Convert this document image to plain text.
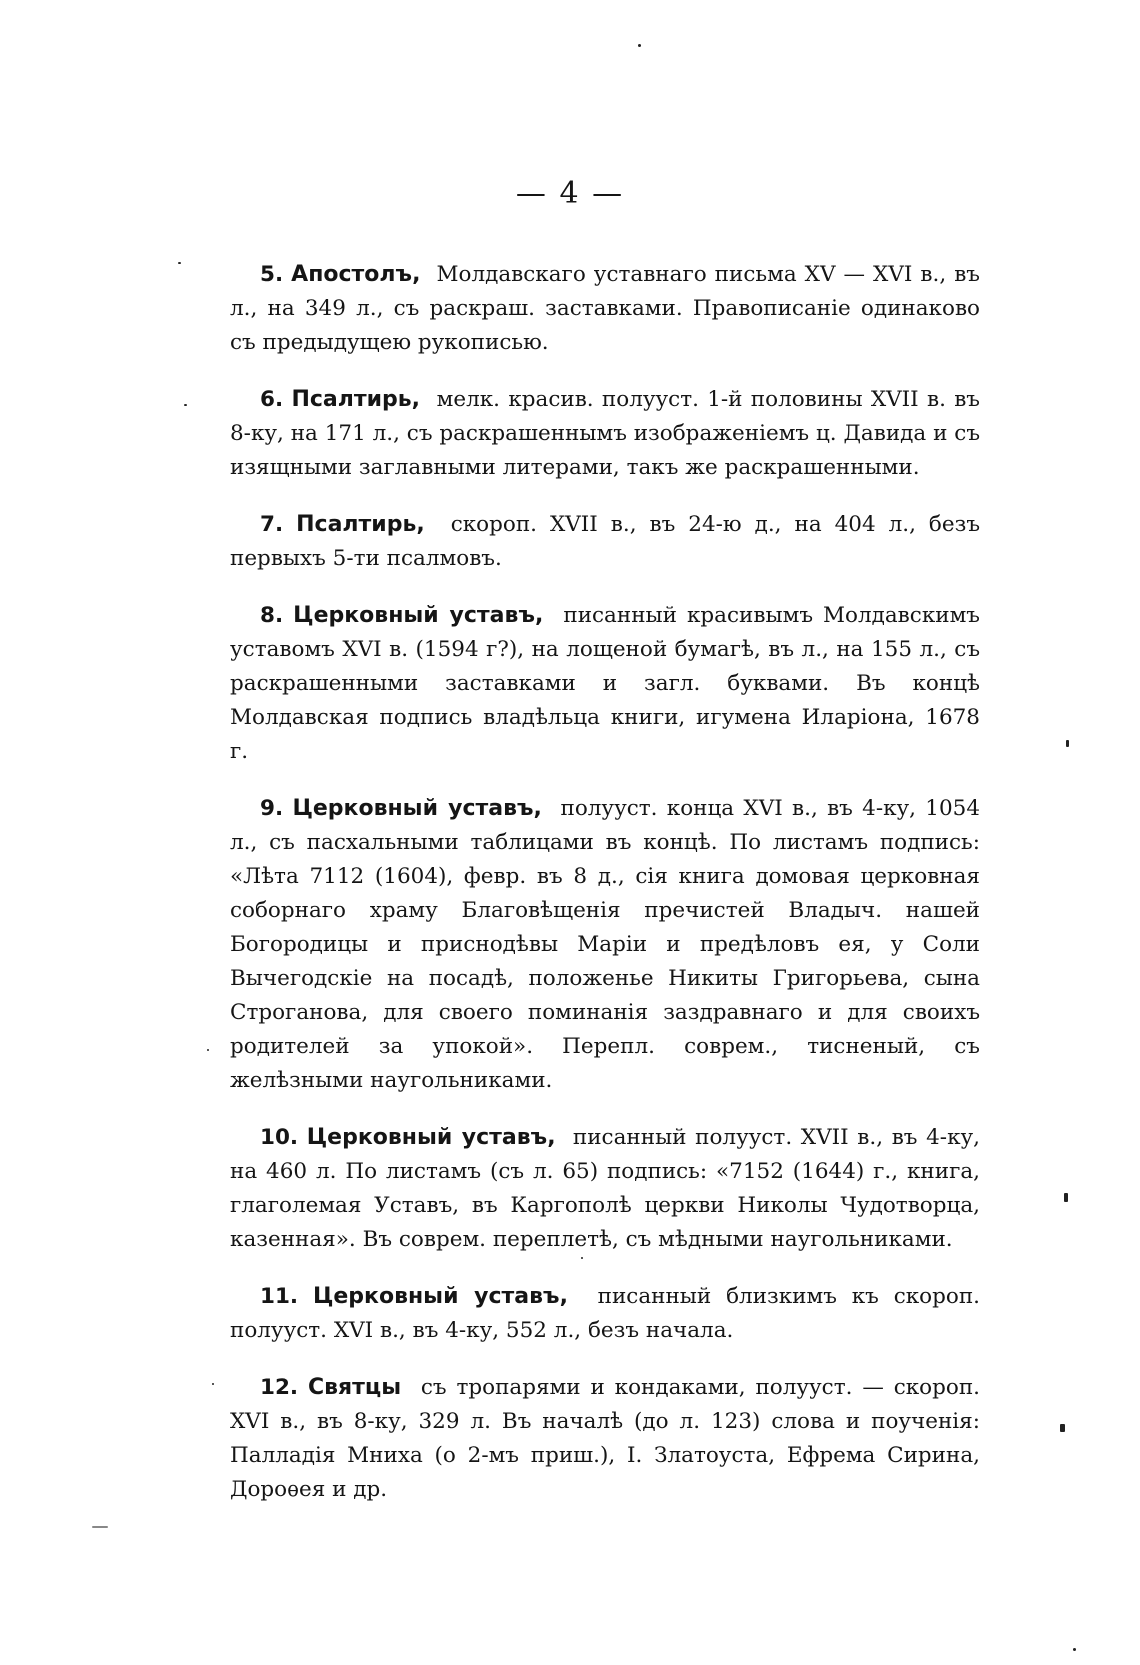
— 4 —

5. Апостолъ, Молдавскаго уставнаго письма XV — XVI в., въ л., на 349 л., съ раскраш. заставками. Правописаніе одинаково съ предыдущею рукописью.

6. Псалтирь, мелк. красив. полууст. 1-й половины XVII в. въ 8-ку, на 171 л., съ раскрашеннымъ изображеніемъ ц. Давида и съ изящными заглавными литерами, такъ же раскрашенными.

7. Псалтирь, скороп. XVII в., въ 24-ю д., на 404 л., безъ первыхъ 5-ти псалмовъ.

8. Церковный уставъ, писанный красивымъ Молдавскимъ уставомъ XVI в. (1594 г?), на лощеной бумагѣ, въ л., на 155 л., съ раскрашенными заставками и загл. буквами. Въ концѣ Молдавская подпись владѣльца книги, игумена Иларіона, 1678 г.

9. Церковный уставъ, полууст. конца XVI в., въ 4-ку, 1054 л., съ пасхальными таблицами въ концѣ. По листамъ подпись: «Лѣта 7112 (1604), февр. въ 8 д., сія книга домовая церковная соборнаго храму Благовѣщенія пречистей Владыч. нашей Богородицы и приснодѣвы Маріи и предѣловъ ея, у Соли Вычегодскіе на посадѣ, положенье Никиты Григорьева, сына Строганова, для своего поминанія заздравнаго и для своихъ родителей за упокой». Перепл. соврем., тисненый, съ желѣзными наугольниками.

10. Церковный уставъ, писанный полууст. XVII в., въ 4-ку, на 460 л. По листамъ (съ л. 65) подпись: «7152 (1644) г., книга, глаголемая Уставъ, въ Каргополѣ церкви Николы Чудотворца, казенная». Въ соврем. переплетѣ, съ мѣдными наугольниками.

11. Церковный уставъ, писанный близкимъ къ скороп. полууст. XVI в., въ 4-ку, 552 л., безъ начала.

12. Святцы съ тропарями и кондаками, полууст. — скороп. XVI в., въ 8-ку, 329 л. Въ началѣ (до л. 123) слова и поученія: Палладія Мниха (о 2-мъ приш.), І. Златоуста, Ефрема Сирина, Дороѳея и др.
